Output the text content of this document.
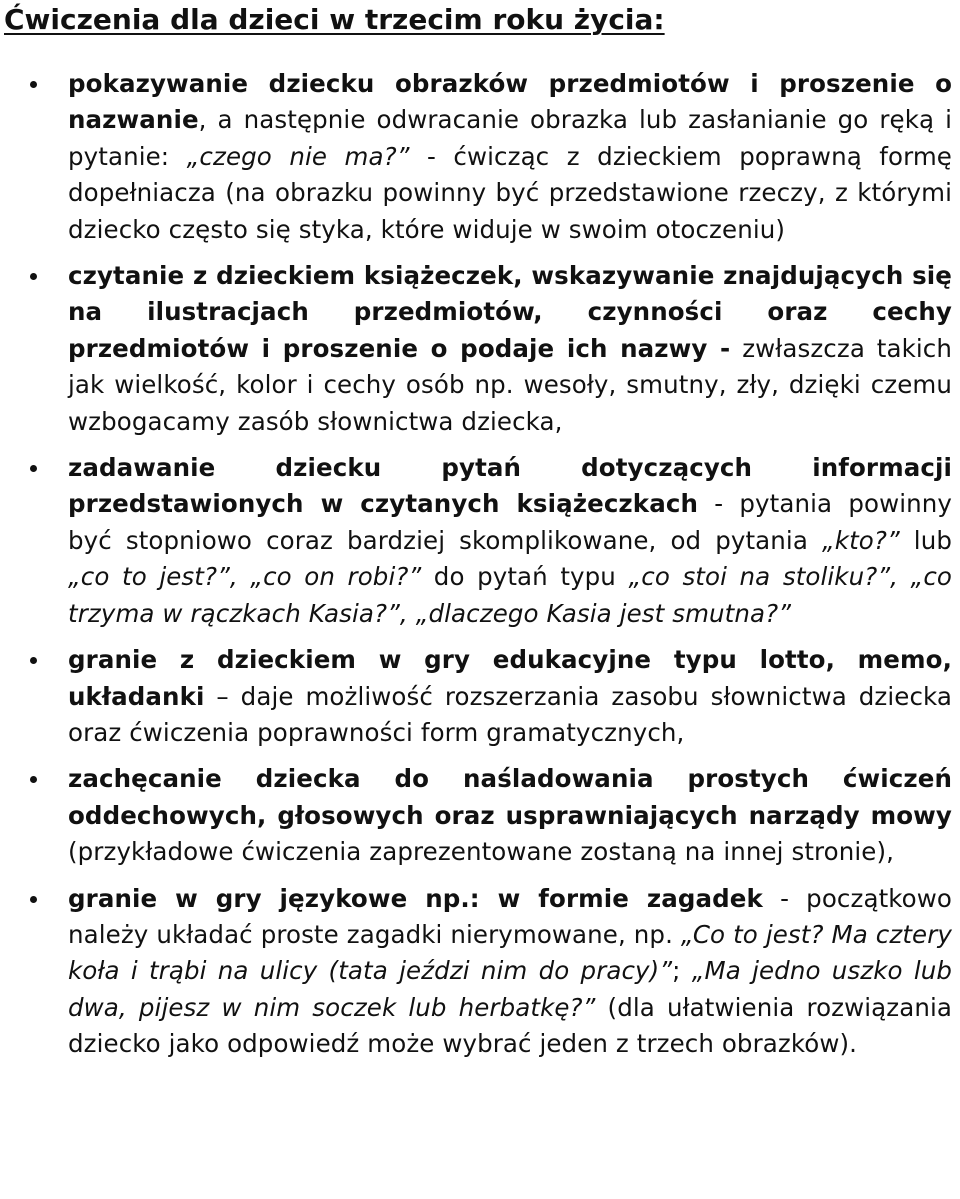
Ćwiczenia dla dzieci w trzecim roku życia:
pokazywanie dziecku obrazków przedmiotów i proszenie o nazwanie, a następnie odwracanie obrazka lub zasłanianie go ręką i pytanie: „czego nie ma?” - ćwicząc z dzieckiem poprawną formę dopełniacza (na obrazku powinny być przedstawione rzeczy, z którymi dziecko często się styka, które widuje w swoim otoczeniu)
czytanie z dzieckiem książeczek, wskazywanie znajdujących się na ilustracjach przedmiotów, czynności oraz cechy przedmiotów i proszenie o podaje ich nazwy - zwłaszcza takich jak wielkość, kolor i cechy osób np. wesoły, smutny, zły, dzięki czemu wzbogacamy zasób słownictwa dziecka,
zadawanie dziecku pytań dotyczących informacji przedstawionych w czytanych książeczkach - pytania powinny być stopniowo coraz bardziej skomplikowane, od pytania „kto?” lub „co to jest?”, „co on robi?” do pytań typu „co stoi na stoliku?”, „co trzyma w rączkach Kasia?”, „dlaczego Kasia jest smutna?”
granie z dzieckiem w gry edukacyjne typu lotto, memo, układanki – daje możliwość rozszerzania zasobu słownictwa dziecka oraz ćwiczenia poprawności form gramatycznych,
zachęcanie dziecka do naśladowania prostych ćwiczeń oddechowych, głosowych oraz usprawniających narządy mowy (przykładowe ćwiczenia zaprezentowane zostaną na innej stronie),
granie w gry językowe np.: w formie zagadek - początkowo należy układać proste zagadki nierymowane, np. „Co to jest? Ma cztery koła i trąbi na ulicy (tata jeździ nim do pracy)”; „Ma jedno uszko lub dwa, pijesz w nim soczek lub herbatkę?” (dla ułatwienia rozwiązania dziecko jako odpowiedź może wybrać jeden z trzech obrazków).
